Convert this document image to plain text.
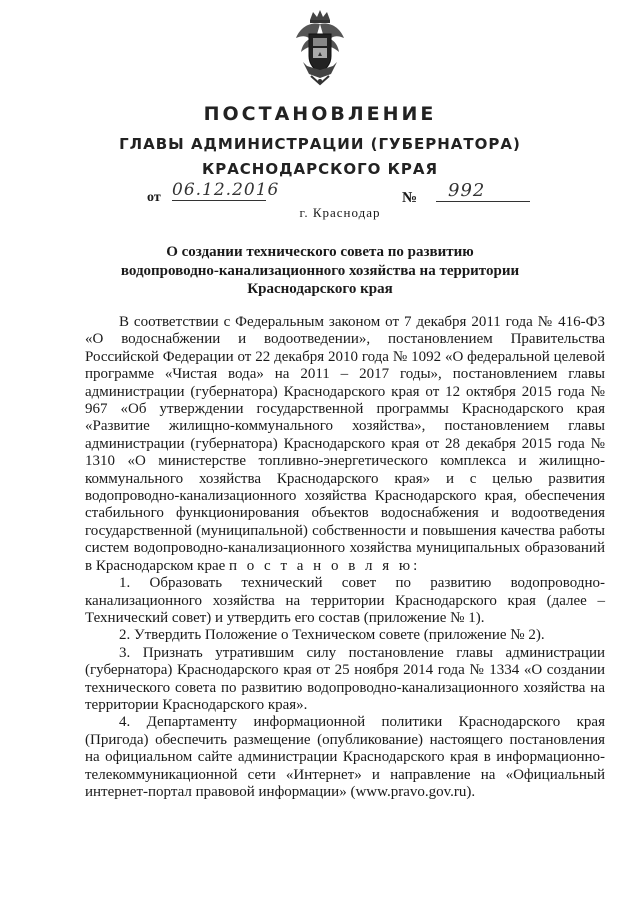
ПОСТАНОВЛЕНИЕ
ГЛАВЫ АДМИНИСТРАЦИИ (ГУБЕРНАТОРА)
КРАСНОДАРСКОГО КРАЯ
от 06.12.2016	№	992
г. Краснодар
О создании технического совета по развитию
водопроводно-канализационного хозяйства на территории
Краснодарского края

В соответствии с Федеральным законом от 7 декабря 2011 года № 416-ФЗ «О водоснабжении и водоотведении», постановлением Правительства Российской Федерации от 22 декабря 2010 года № 1092 «О федеральной целевой программе «Чистая вода» на 2011 – 2017 годы», постановлением главы администрации (губернатора) Краснодарского края от 12 октября 2015 года № 967 «Об утверждении государственной программы Краснодарского края «Развитие жилищно-коммунального хозяйства», постановлением главы администрации (губернатора) Краснодарского края от 28 декабря 2015 года № 1310 «О министерстве топливно-энергетического комплекса и жилищно-коммунального хозяйства Краснодарского края» и с целью развития водопроводно-канализационного хозяйства Краснодарского края, обеспечения стабильного функционирования объектов водоснабжения и водоотведения государственной (муниципальной) собственности и повышения качества работы систем водопроводно-канализационного хозяйства муниципальных образований в Краснодарском крае п о с т а н о в л я ю:

1. Образовать технический совет по развитию водопроводно-канализационного хозяйства на территории Краснодарского края (далее – Технический совет) и утвердить его состав (приложение № 1).

2. Утвердить Положение о Техническом совете (приложение № 2).

3. Признать утратившим силу постановление главы администрации (губернатора) Краснодарского края от 25 ноября 2014 года № 1334 «О создании технического совета по развитию водопроводно-канализационного хозяйства на территории Краснодарского края».

4. Департаменту информационной политики Краснодарского края (Пригода) обеспечить размещение (опубликование) настоящего постановления на официальном сайте администрации Краснодарского края в информационно-телекоммуникационной сети «Интернет» и направление на «Официальный интернет-портал правовой информации» (www.pravo.gov.ru).
